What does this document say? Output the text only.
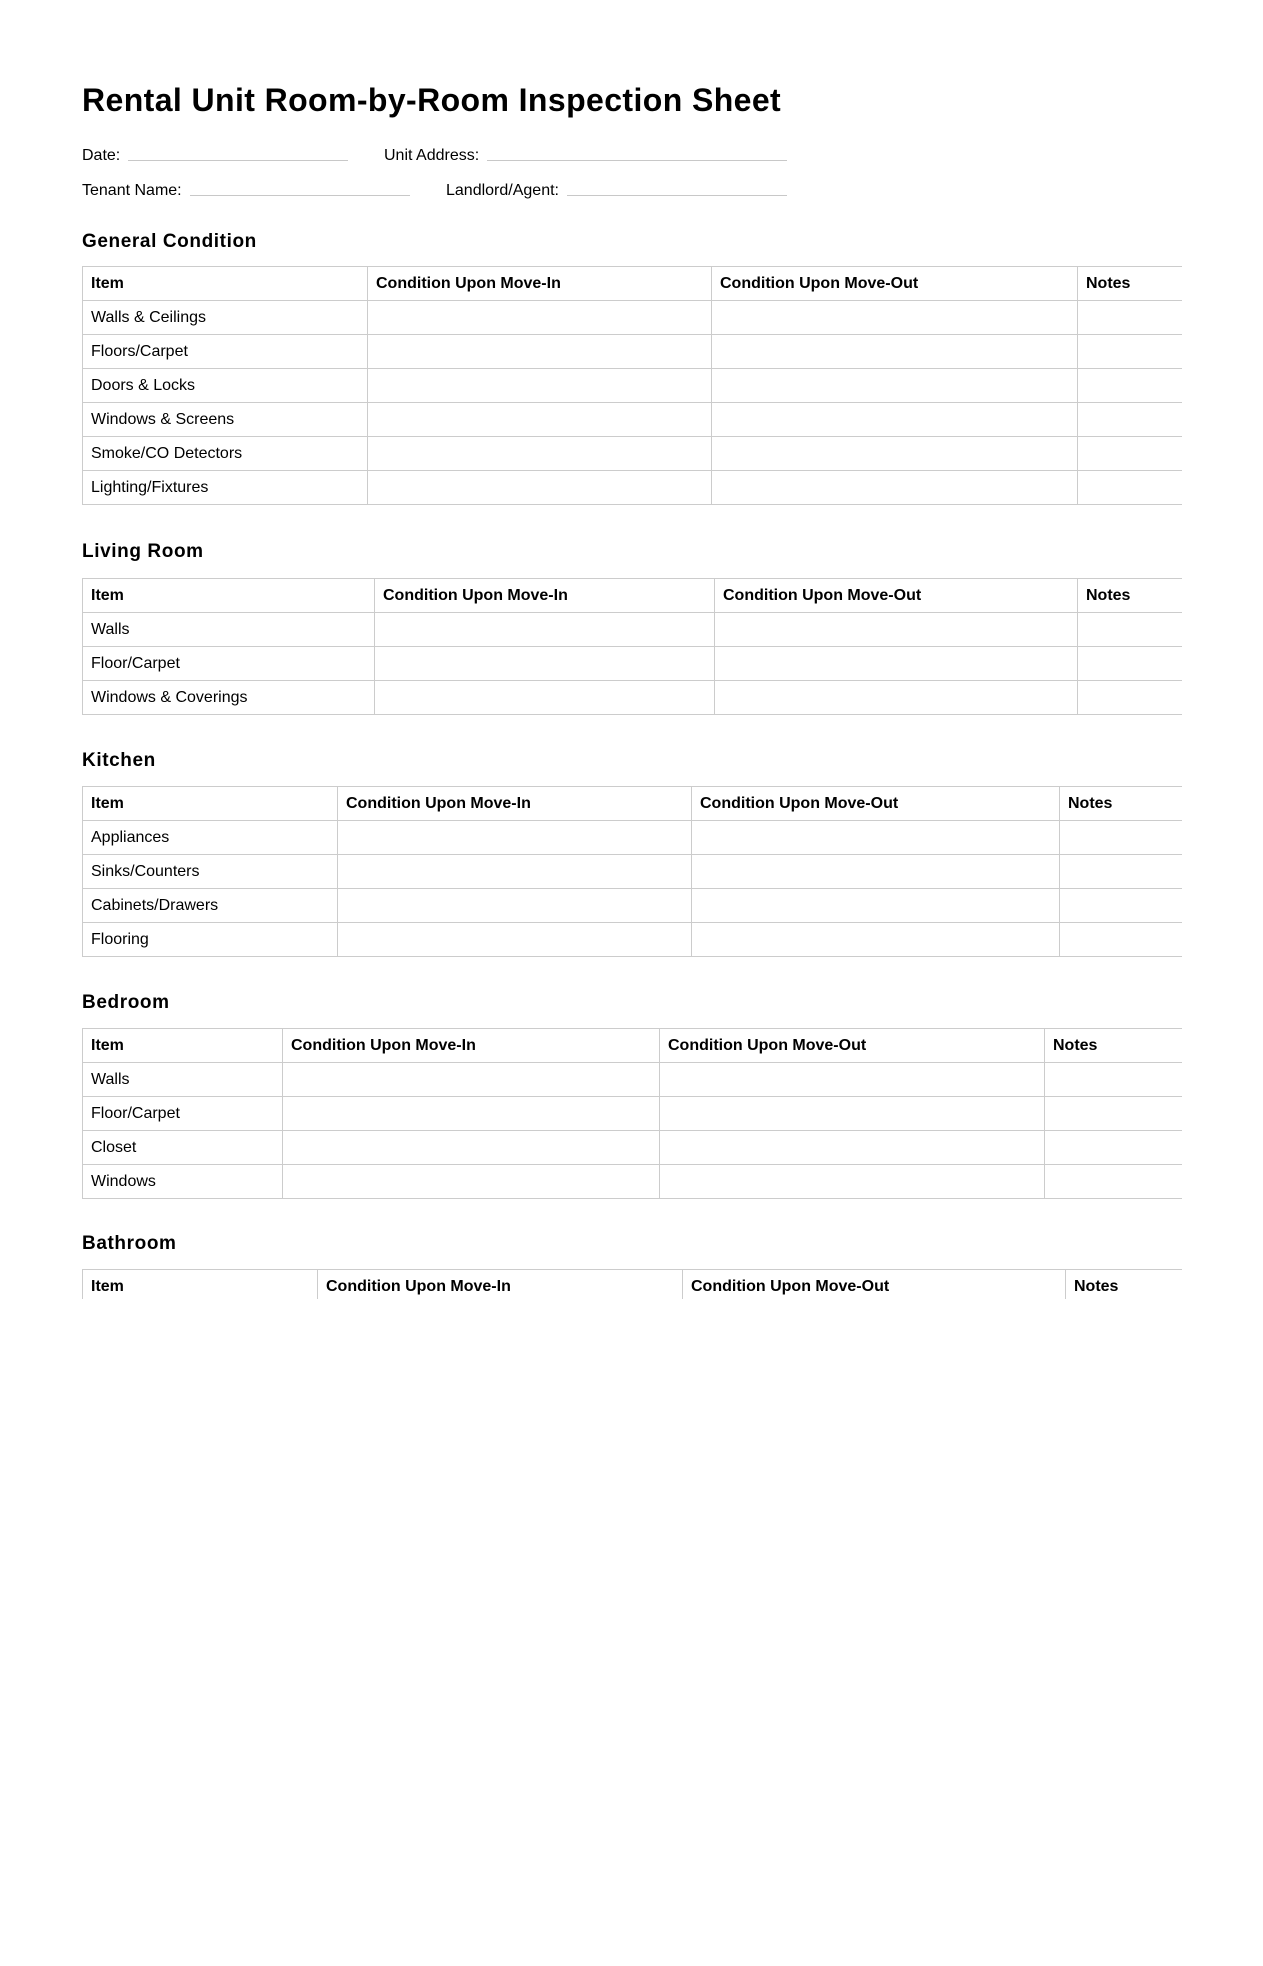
Rental Unit Room-by-Room Inspection Sheet
Date:	Unit Address:
Tenant Name:	Landlord/Agent:
General Condition
Item	Condition Upon Move-In	Condition Upon Move-Out	Notes
Walls & Ceilings			
Floors/Carpet			
Doors & Locks			
Windows & Screens			
Smoke/CO Detectors			
Lighting/Fixtures			
Living Room
Item	Condition Upon Move-In	Condition Upon Move-Out	Notes
Walls			
Floor/Carpet			
Windows & Coverings			
Kitchen
Item	Condition Upon Move-In	Condition Upon Move-Out	Notes
Appliances			
Sinks/Counters			
Cabinets/Drawers			
Flooring			
Bedroom
Item	Condition Upon Move-In	Condition Upon Move-Out	Notes
Walls			
Floor/Carpet			
Closet			
Windows			
Bathroom
Item	Condition Upon Move-In	Condition Upon Move-Out	Notes
